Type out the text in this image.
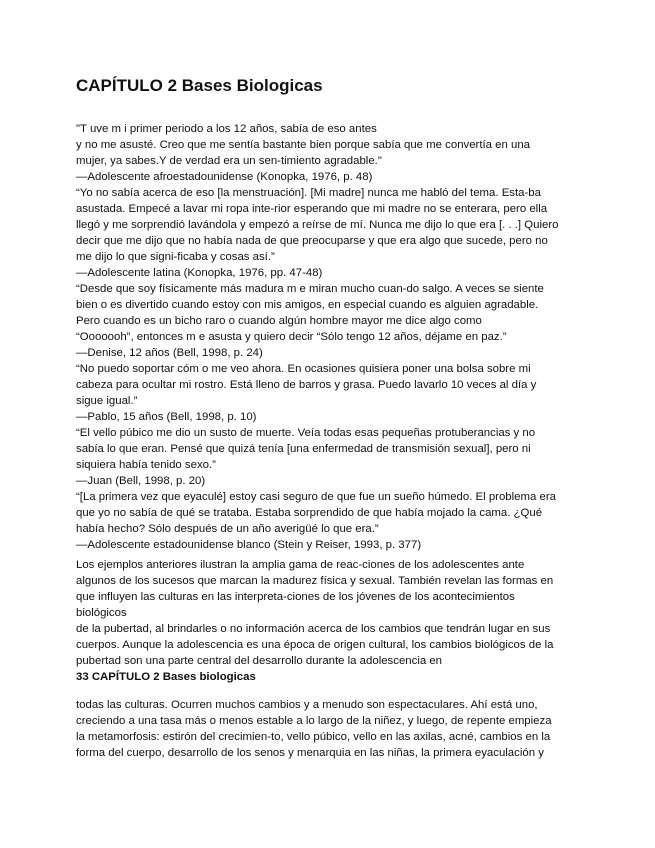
CAPÍTULO 2 Bases Biologicas
"T uve m i primer periodo a los 12 años, sabía de eso antes
y no me asusté. Creo que me sentía bastante bien porque sabía que me convertía en una
mujer, ya sabes.Y de verdad era un sen-timiento agradable."
—Adolescente afroestadounidense (Konopka, 1976, p. 48)
“Yo no sabía acerca de eso [la menstruación]. [Mi madre] nunca me habló del tema. Esta-ba
asustada. Empecé a lavar mi ropa inte-rior esperando que mi madre no se enterara, pero ella
llegó y me sorprendió lavándola y empezó a reírse de mí. Nunca me dijo lo que era [. . .] Quiero
decir que me dijo que no había nada de que preocuparse y que era algo que sucede, pero no
me dijo lo que signi-ficaba y cosas así.”
—Adolescente latina (Konopka, 1976, pp. 47-48)
“Desde que soy físicamente más madura m e miran mucho cuan-do salgo. A veces se siente
bien o es divertido cuando estoy con mis amigos, en especial cuando es alguien agradable.
Pero cuando es un bicho raro o cuando algún hombre mayor me dice algo como
“Ooooooh”, entonces m e asusta y quiero decir “Sólo tengo 12 años, déjame en paz.”
—Denise, 12 años (Bell, 1998, p. 24)
“No puedo soportar cóm o me veo ahora. En ocasiones quisiera poner una bolsa sobre mi
cabeza para ocultar mi rostro. Está lleno de barros y grasa. Puedo lavarlo 10 veces al día y
sigue igual.”
—Pablo, 15 años (Bell, 1998, p. 10)
“El vello púbico me dio un susto de muerte. Veía todas esas pequeñas protuberancias y no
sabía lo que eran. Pensé que quizá tenía [una enfermedad de transmisión sexual], pero ni
siquiera había tenido sexo.”
—Juan (Bell, 1998, p. 20)
“[La primera vez que eyaculé] estoy casi seguro de que fue un sueño húmedo. El problema era
que yo no sabía de qué se trataba. Estaba sorprendido de que había mojado la cama. ¿Qué
había hecho? Sólo después de un año averigüé lo que era.”
—Adolescente estadounidense blanco (Stein y Reiser, 1993, p. 377)
Los ejemplos anteriores ilustran la amplia gama de reac-ciones de los adolescentes ante
algunos de los sucesos que marcan la madurez física y sexual. También revelan las formas en
que influyen las culturas en las interpreta-ciones de los jóvenes de los acontecimientos
biológicos
de la pubertad, al brindarles o no información acerca de los cambios que tendrán lugar en sus
cuerpos. Aunque la adolescencia es una época de origen cultural, los cambios biológicos de la
pubertad son una parte central del desarrollo durante la adolescencia en
33 CAPÍTULO 2 Bases biologicas
todas las culturas. Ocurren muchos cambios y a menudo son espectaculares. Ahí está uno,
creciendo a una tasa más o menos estable a lo largo de la niñez, y luego, de repente empieza
la metamorfosis: estirón del crecimien-to, vello púbico, vello en las axilas, acné, cambios en la
forma del cuerpo, desarrollo de los senos y menarquia en las niñas, la primera eyaculación y
